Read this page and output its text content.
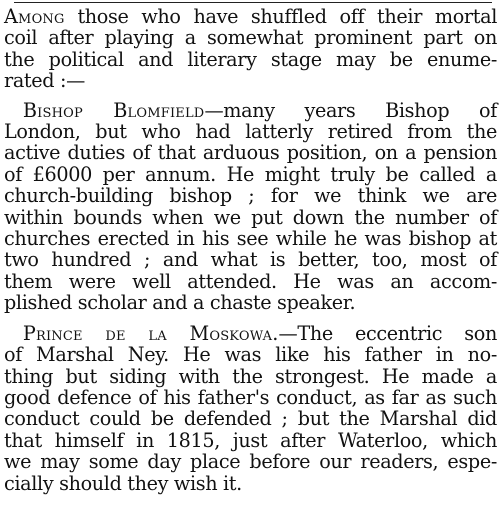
Among those who have shuffled off their mortal
coil after playing a somewhat prominent part on
the political and literary stage may be enume-
rated :—

 Bishop Blomfield—many years Bishop of
London, but who had latterly retired from the
active duties of that arduous position, on a pension
of £6000 per annum. He might truly be called a
church-building bishop ; for we think we are
within bounds when we put down the number of
churches erected in his see while he was bishop at
two hundred ; and what is better, too, most of
them were well attended. He was an accom-
plished scholar and a chaste speaker.

 Prince de la Moskowa.—The eccentric son
of Marshal Ney. He was like his father in no-
thing but siding with the strongest. He made a
good defence of his father's conduct, as far as such
conduct could be defended ; but the Marshal did
that himself in 1815, just after Waterloo, which
we may some day place before our readers, espe-
cially should they wish it.
